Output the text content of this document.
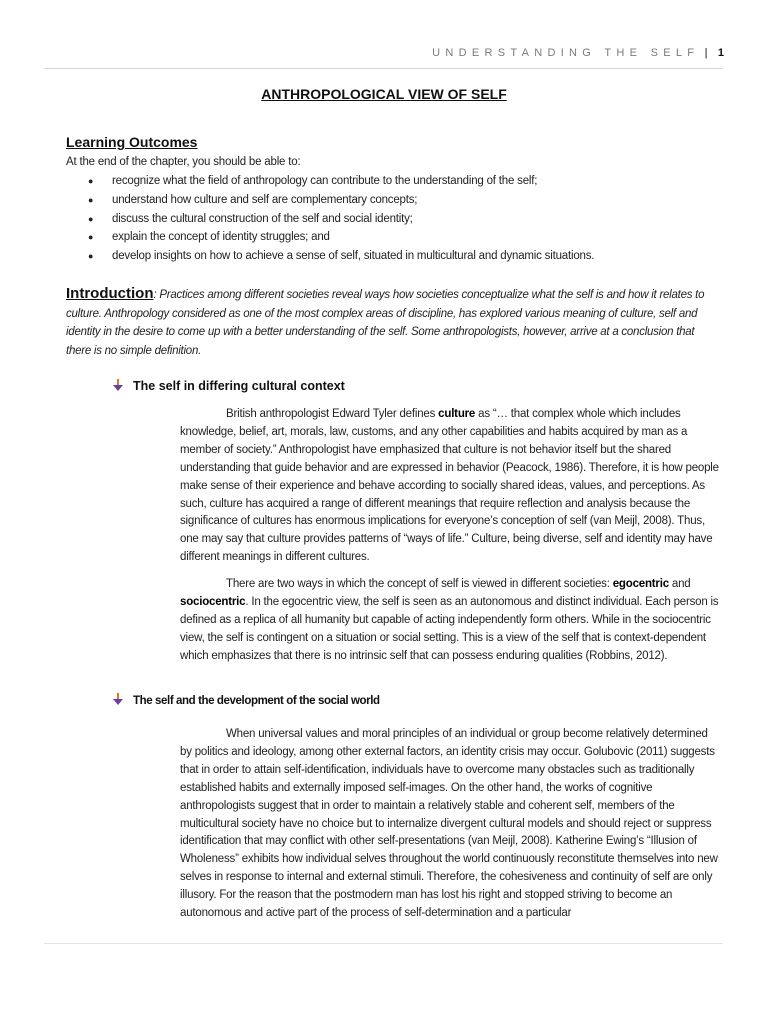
UNDERSTANDING THE SELF | 1
ANTHROPOLOGICAL VIEW OF SELF
Learning Outcomes
At the end of the chapter, you should be able to:
● recognize what the field of anthropology can contribute to the understanding of the self;
● understand how culture and self are complementary concepts;
● discuss the cultural construction of the self and social identity;
● explain the concept of identity struggles; and
● develop insights on how to achieve a sense of self, situated in multicultural and dynamic situations.
Introduction: Practices among different societies reveal ways how societies conceptualize what the self is and how it relates to culture. Anthropology considered as one of the most complex areas of discipline, has explored various meaning of culture, self and identity in the desire to come up with a better understanding of the self. Some anthropologists, however, arrive at a conclusion that there is no simple definition.
The self in differing cultural context
British anthropologist Edward Tyler defines culture as “… that complex whole which includes knowledge, belief, art, morals, law, customs, and any other capabilities and habits acquired by man as a member of society.” Anthropologist have emphasized that culture is not behavior itself but the shared understanding that guide behavior and are expressed in behavior (Peacock, 1986). Therefore, it is how people make sense of their experience and behave according to socially shared ideas, values, and perceptions. As such, culture has acquired a range of different meanings that require reflection and analysis because the significance of cultures has enormous implications for everyone’s conception of self (van Meijl, 2008). Thus, one may say that culture provides patterns of “ways of life.” Culture, being diverse, self and identity may have different meanings in different cultures.
There are two ways in which the concept of self is viewed in different societies: egocentric and sociocentric. In the egocentric view, the self is seen as an autonomous and distinct individual. Each person is defined as a replica of all humanity but capable of acting independently form others. While in the sociocentric view, the self is contingent on a situation or social setting. This is a view of the self that is context-dependent which emphasizes that there is no intrinsic self that can possess enduring qualities (Robbins, 2012).
The self and the development of the social world
When universal values and moral principles of an individual or group become relatively determined by politics and ideology, among other external factors, an identity crisis may occur. Golubovic (2011) suggests that in order to attain self-identification, individuals have to overcome many obstacles such as traditionally established habits and externally imposed self-images. On the other hand, the works of cognitive anthropologists suggest that in order to maintain a relatively stable and coherent self, members of the multicultural society have no choice but to internalize divergent cultural models and should reject or suppress identification that may conflict with other self-presentations (van Meijl, 2008). Katherine Ewing’s “Illusion of Wholeness” exhibits how individual selves throughout the world continuously reconstitute themselves into new selves in response to internal and external stimuli. Therefore, the cohesiveness and continuity of self are only illusory. For the reason that the postmodern man has lost his right and stopped striving to become an autonomous and active part of the process of self-determination and a particular
